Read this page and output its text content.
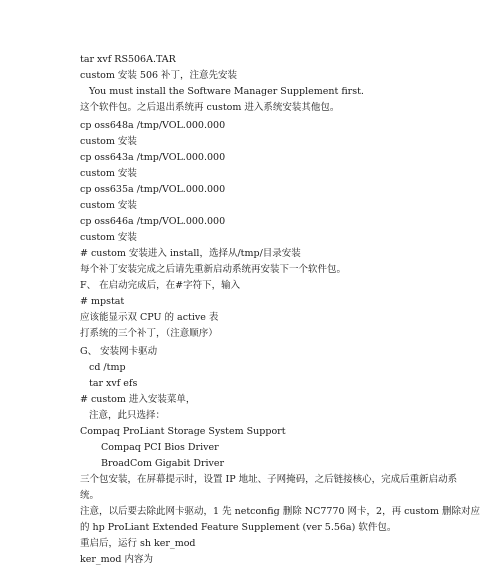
tar xvf RS506A.TAR
custom 安装 506 补丁，注意先安装
You must install the Software Manager Supplement first.
这个软件包。之后退出系统再 custom 进入系统安装其他包。
cp oss648a /tmp/VOL.000.000
custom 安装
cp oss643a /tmp/VOL.000.000
custom 安装
cp oss635a /tmp/VOL.000.000
custom 安装
cp oss646a /tmp/VOL.000.000
custom 安装
# custom 安装进入 install，选择从/tmp/目录安装
每个补丁安装完成之后请先重新启动系统再安装下一个软件包。
F、 在启动完成后，在#字符下，输入
# mpstat
应该能显示双 CPU 的 active 表
打系统的三个补丁，（注意顺序）
G、 安装网卡驱动
cd /tmp
tar xvf efs
# custom 进入安装菜单，
注意，此只选择：
Compaq ProLiant Storage System Support
Compaq PCI Bios Driver
BroadCom Gigabit Driver
三个包安装，在屏幕提示时，设置 IP 地址、子网掩码，之后链接核心，完成后重新启动系
统。
注意，以后要去除此网卡驱动，1 先 netconfig 删除 NC7770 网卡，2，再 custom 删除对应
的 hp ProLiant Extended Feature Supplement (ver 5.56a) 软件包。
重启后，运行 sh ker_mod
ker_mod 内容为
